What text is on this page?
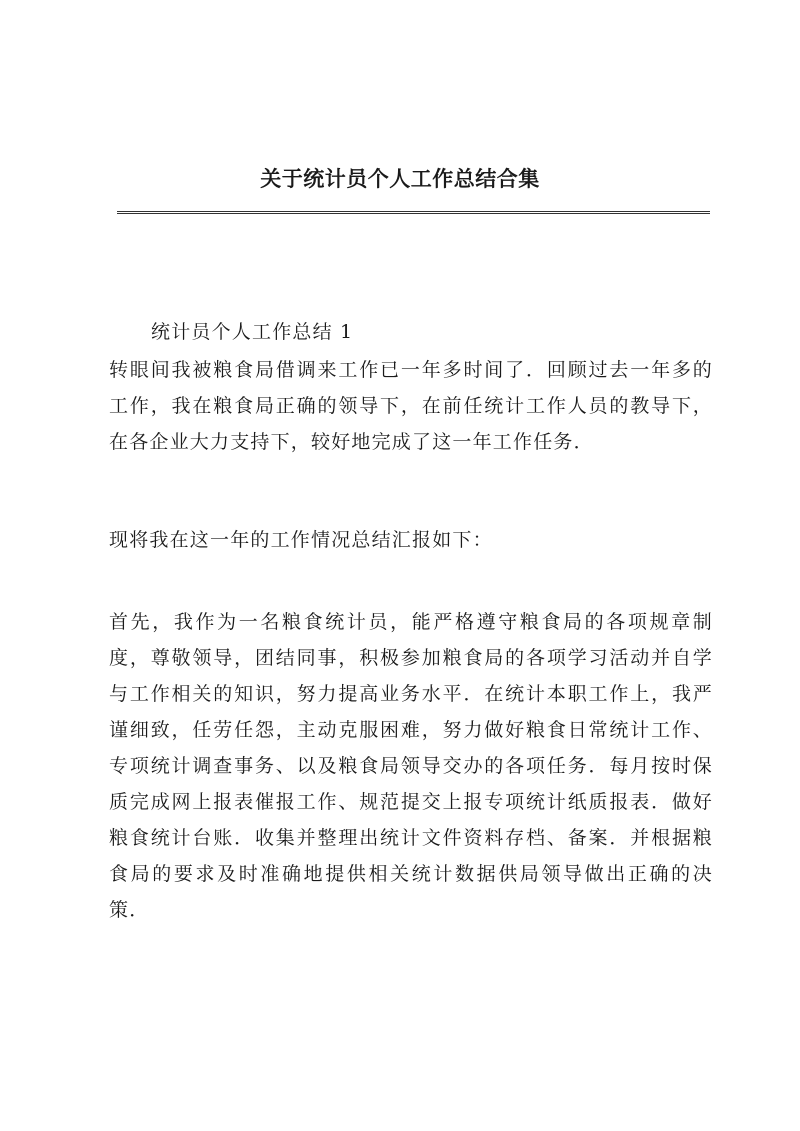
关于统计员个人工作总结合集
统计员个人工作总结 1
转眼间我被粮食局借调来工作已一年多时间了．回顾过去一年多的工作，我在粮食局正确的领导下，在前任统计工作人员的教导下，在各企业大力支持下，较好地完成了这一年工作任务．
现将我在这一年的工作情况总结汇报如下：
首先，我作为一名粮食统计员，能严格遵守粮食局的各项规章制度，尊敬领导，团结同事，积极参加粮食局的各项学习活动并自学与工作相关的知识，努力提高业务水平．在统计本职工作上，我严谨细致，任劳任怨，主动克服困难，努力做好粮食日常统计工作、专项统计调查事务、以及粮食局领导交办的各项任务．每月按时保质完成网上报表催报工作、规范提交上报专项统计纸质报表．做好粮食统计台账．收集并整理出统计文件资料存档、备案．并根据粮食局的要求及时准确地提供相关统计数据供局领导做出正确的决策．
